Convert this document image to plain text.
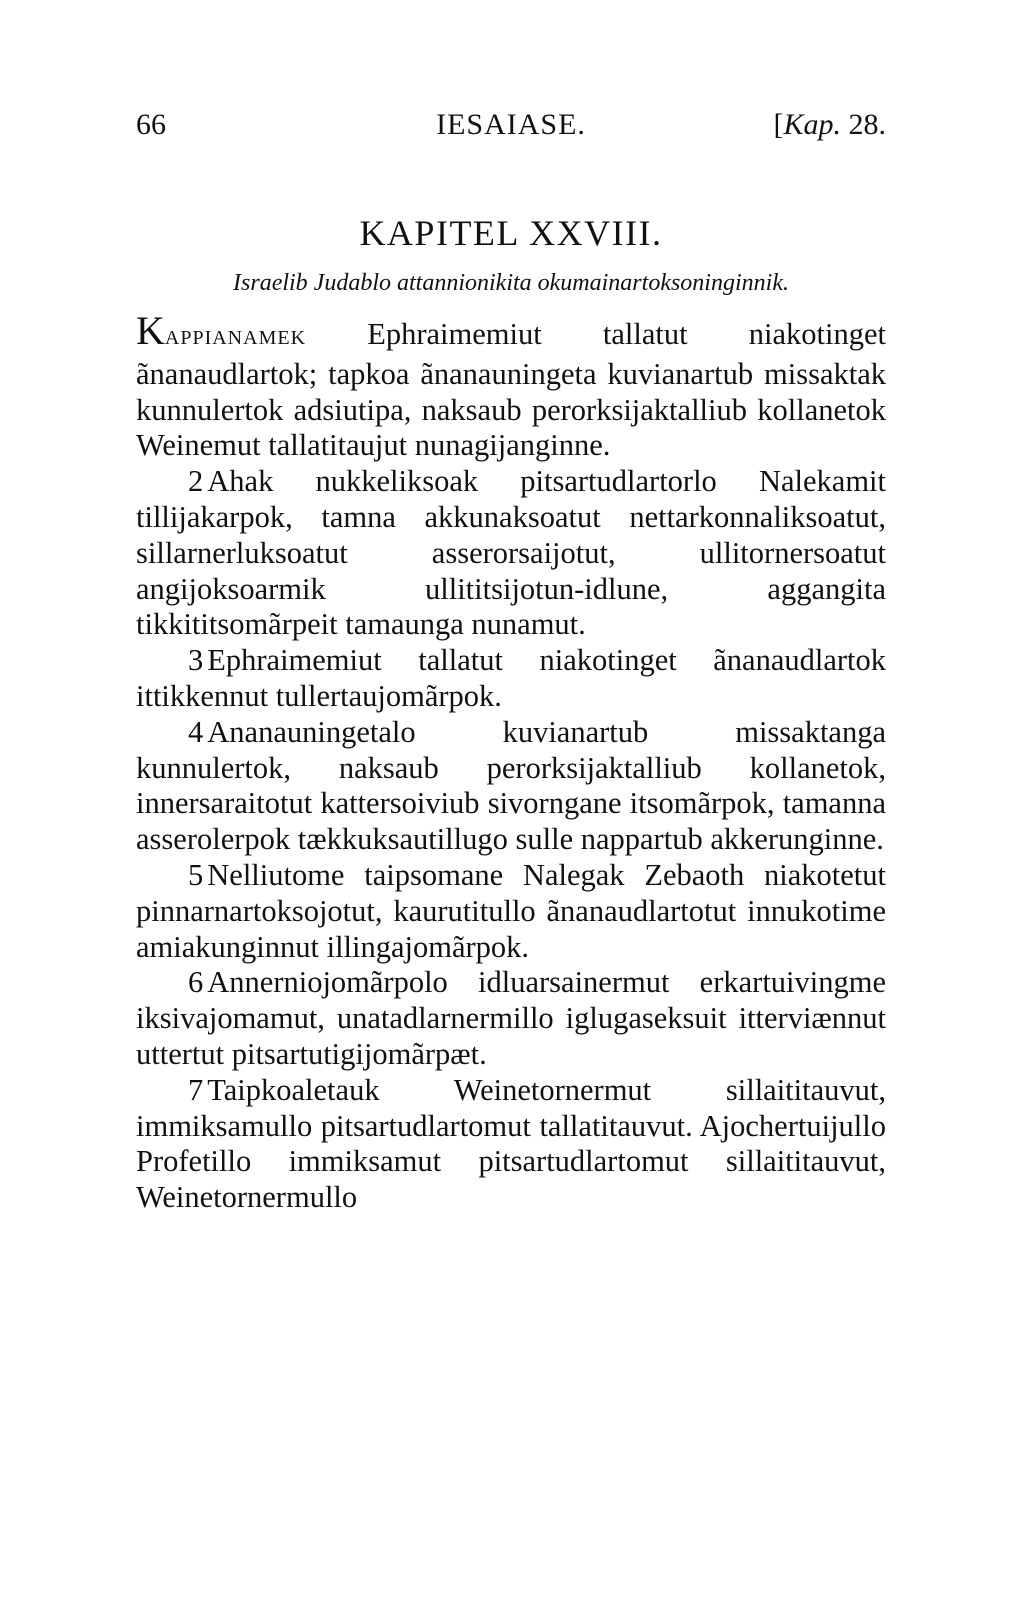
66	IESAIASE.	[Kap. 28.
KAPITEL XXVIII.
Israelib Judablo attannionikita okumainartoksoninginnik.

KAPPIANAMEK Ephraimemiut tallatut niakotinget ãnanaudlartok; tapkoa ãnanauningeta kuvianartub missaktak kunnulertok adsiutipa, naksaub perorksijaktalliub kollanetok Weinemut tallatitaujut nunagijanginne.

2 Ahak nukkeliksoak pitsartudlartorlo Nalekamit tillijakarpok, tamna akkunaksoatut nettarkonnaliksoatut, sillarnerluksoatut asserorsaijotut, ullitornersoatut angijoksoarmik ullititsijotun-idlune, aggangita tikkititsomãrpeit tamaunga nunamut.

3 Ephraimemiut tallatut niakotinget ãnanaudlartok ittikkennut tullertaujomãrpok.

4 Ananauningetalo kuvianartub missaktanga kunnulertok, naksaub perorksijaktalliub kollanetok, innersaraitotut kattersoiviub sivorngane itsomãrpok, tamanna asserolerpok tækkuksautillugo sulle nappartub akkerunginne.

5 Nelliutome taipsomane Nalegak Zebaoth niakotetut pinnarnartoksojotut, kaurutitullo ãnanaudlartotut innukotime amiakunginnut illingajomãrpok.

6 Annerniojomãrpolo idluarsainermut erkartuivingme iksivajomamut, unatadlarnermillo iglugaseksuit itterviænnut uttertut pitsartutigijomãrpæt.

7 Taipkoaletauk Weinetornermut sillaititauvut, immiksamullo pitsartudlartomut tallatitauvut. Ajochertuijullo Profetillo immiksamut pitsartudlartomut sillaititauvut, Weinetornermullo
